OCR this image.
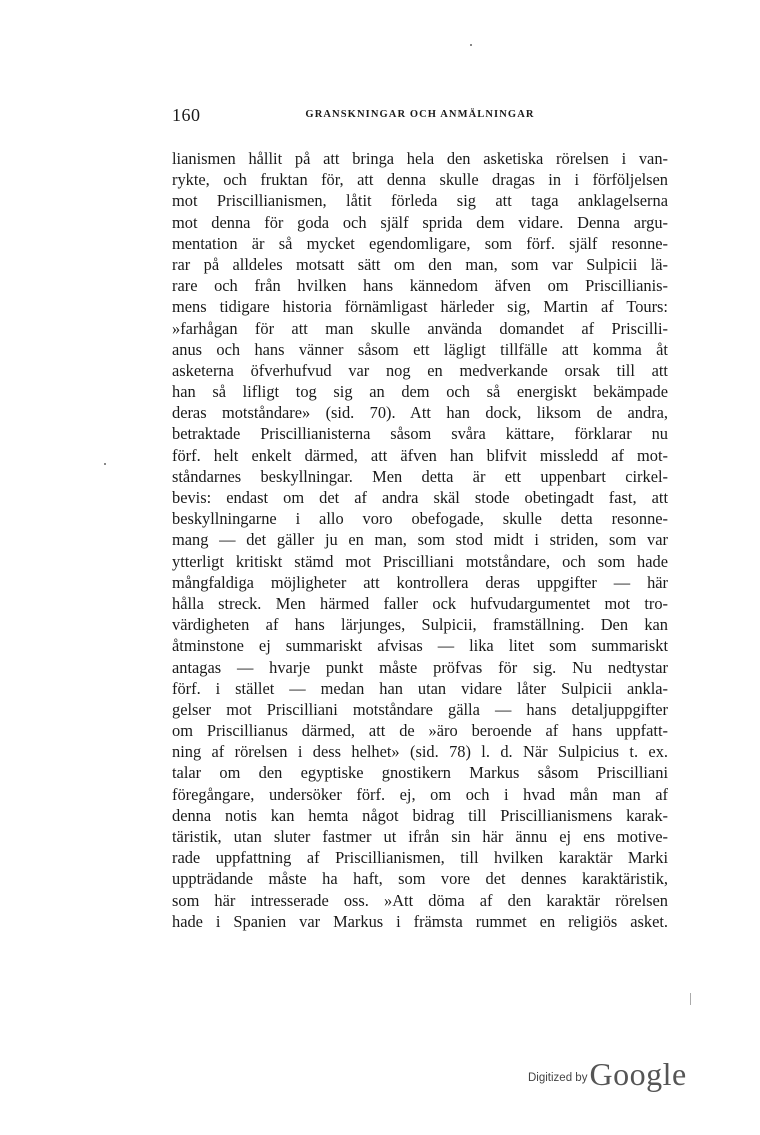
160	GRANSKNINGAR OCH ANMÄLNINGAR
lianismen hållit på att bringa hela den asketiska rörelsen i van-
rykte, och fruktan för, att denna skulle dragas in i förföljelsen
mot Priscillianismen, låtit förleda sig att taga anklagelserna
mot denna för goda och själf sprida dem vidare. Denna argu-
mentation är så mycket egendomligare, som förf. själf resonne-
rar på alldeles motsatt sätt om den man, som var Sulpicii lä-
rare och från hvilken hans kännedom äfven om Priscillianis-
mens tidigare historia förnämligast härleder sig, Martin af Tours:
»farhågan för att man skulle använda domandet af Priscilli-
anus och hans vänner såsom ett lägligt tillfälle att komma åt
asketerna öfverhufvud var nog en medverkande orsak till att
han så lifligt tog sig an dem och så energiskt bekämpade
deras motståndare» (sid. 70). Att han dock, liksom de andra,
betraktade Priscillianisterna såsom svåra kättare, förklarar nu
förf. helt enkelt därmed, att äfven han blifvit missledd af mot-
ståndarnes beskyllningar. Men detta är ett uppenbart cirkel-
bevis: endast om det af andra skäl stode obetingadt fast, att
beskyllningarne i allo voro obefogade, skulle detta resonne-
mang — det gäller ju en man, som stod midt i striden, som var
ytterligt kritiskt stämd mot Priscilliani motståndare, och som hade
mångfaldiga möjligheter att kontrollera deras uppgifter — här
hålla streck. Men härmed faller ock hufvudargumentet mot tro-
värdigheten af hans lärjunges, Sulpicii, framställning. Den kan
åtminstone ej summariskt afvisas — lika litet som summariskt
antagas — hvarje punkt måste pröfvas för sig. Nu nedtystar
förf. i stället — medan han utan vidare låter Sulpicii ankla-
gelser mot Priscilliani motståndare gälla — hans detaljuppgifter
om Priscillianus därmed, att de »äro beroende af hans uppfatt-
ning af rörelsen i dess helhet» (sid. 78) l. d. När Sulpicius t. ex.
talar om den egyptiske gnostikern Markus såsom Priscilliani
föregångare, undersöker förf. ej, om och i hvad mån man af
denna notis kan hemta något bidrag till Priscillianismens karak-
täristik, utan sluter fastmer ut ifrån sin här ännu ej ens motive-
rade uppfattning af Priscillianismen, till hvilken karaktär Marki
uppträdande måste ha haft, som vore det dennes karaktäristik,
som här intresserade oss. »Att döma af den karaktär rörelsen
hade i Spanien var Markus i främsta rummet en religiös asket.
Digitized by Google
